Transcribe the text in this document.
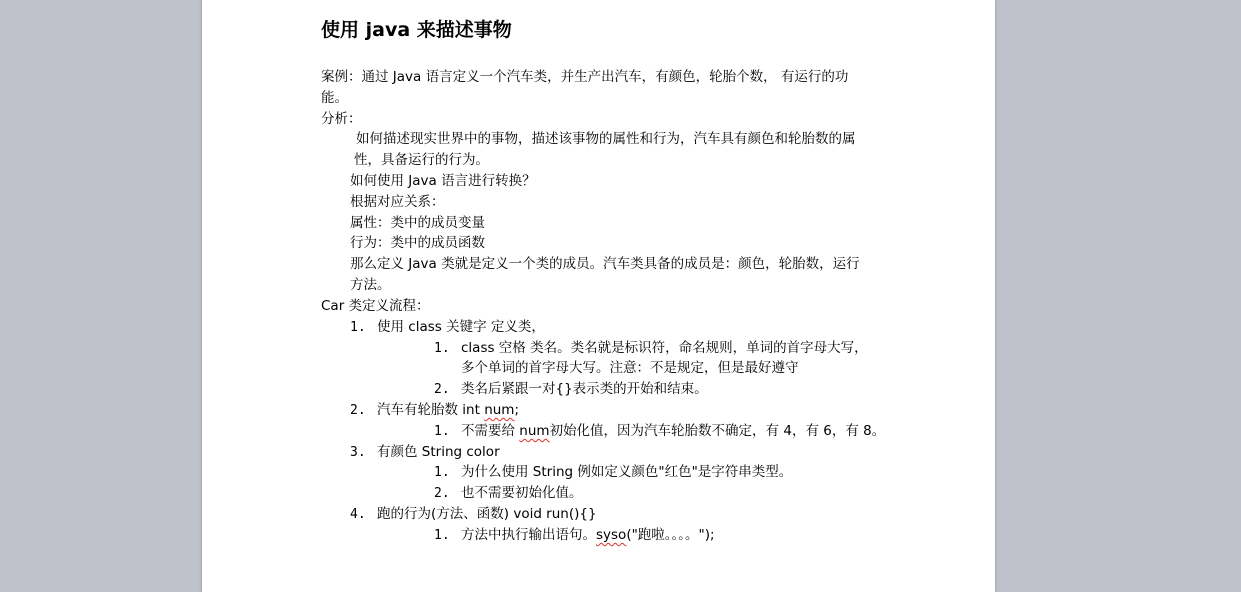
使用 java 来描述事物
案例：通过 Java 语言定义一个汽车类，并生产出汽车，有颜色，轮胎个数， 有运行的功
能。
分析：
如何描述现实世界中的事物，描述该事物的属性和行为，汽车具有颜色和轮胎数的属
性，具备运行的行为。
如何使用 Java 语言进行转换？
根据对应关系：
属性：类中的成员变量
行为：类中的成员函数
那么定义 Java 类就是定义一个类的成员。汽车类具备的成员是：颜色，轮胎数，运行
方法。
Car 类定义流程：
1. 使用 class 关键字 定义类，
1. class 空格 类名。类名就是标识符，命名规则，单词的首字母大写，
多个单词的首字母大写。注意：不是规定，但是最好遵守
2. 类名后紧跟一对{}表示类的开始和结束。
2. 汽车有轮胎数 int num;
1. 不需要给 num初始化值，因为汽车轮胎数不确定，有 4，有 6，有 8。
3. 有颜色 String color
1. 为什么使用 String 例如定义颜色"红色"是字符串类型。
2. 也不需要初始化值。
4. 跑的行为(方法、函数) void run(){}
1. 方法中执行输出语句。syso("跑啦。。。。");
